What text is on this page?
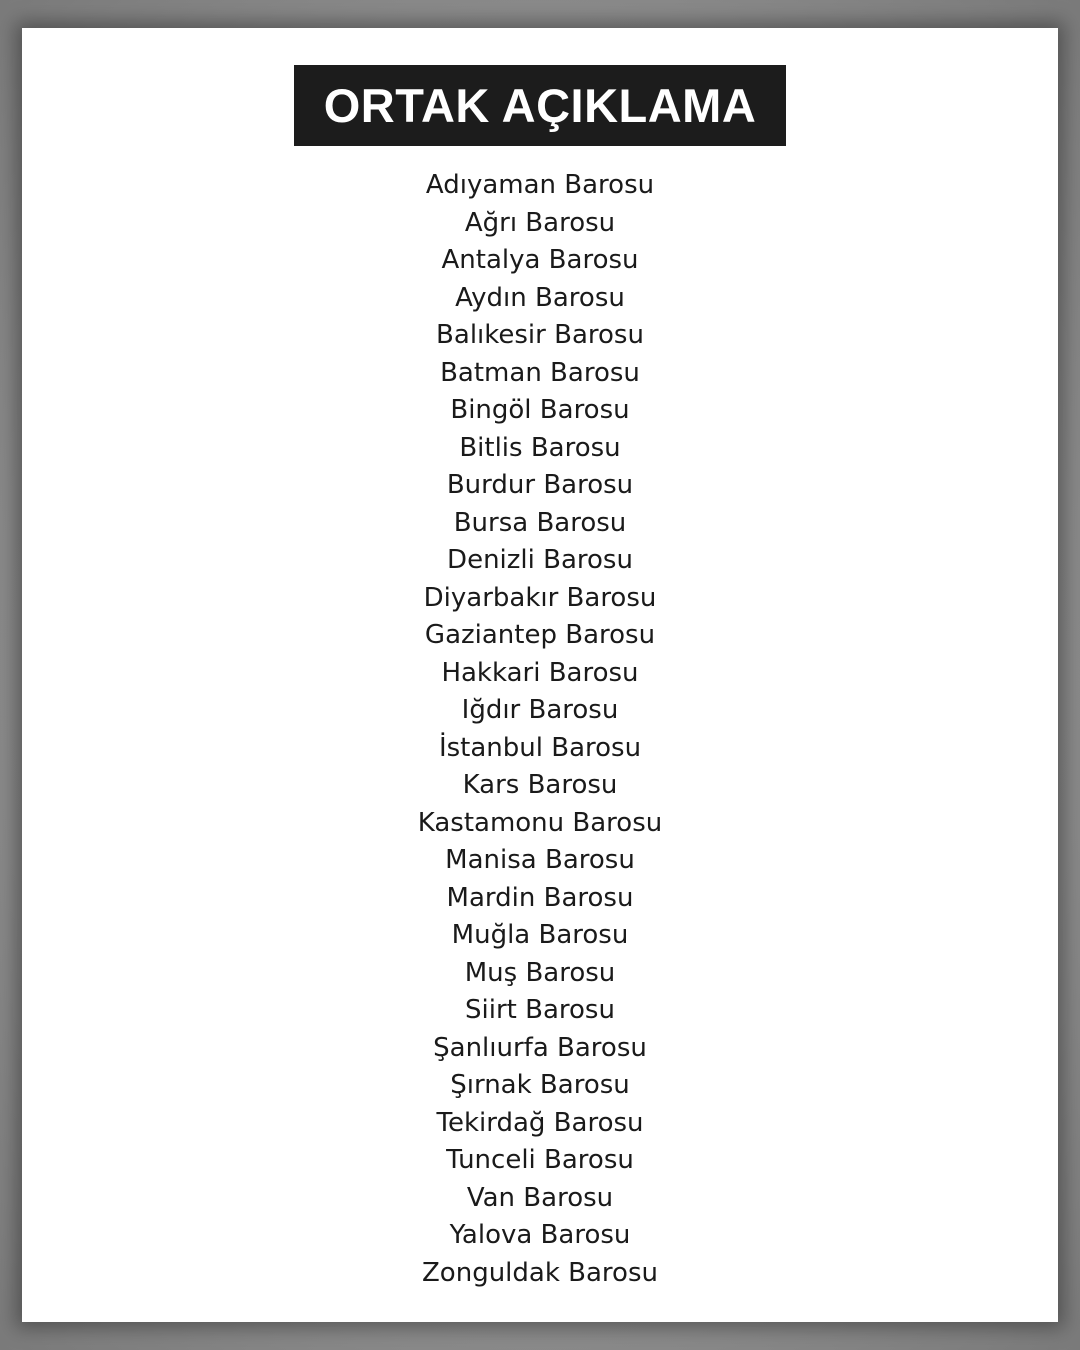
ORTAK AÇIKLAMA
Adıyaman Barosu
Ağrı Barosu
Antalya Barosu
Aydın Barosu
Balıkesir Barosu
Batman Barosu
Bingöl Barosu
Bitlis Barosu
Burdur Barosu
Bursa Barosu
Denizli Barosu
Diyarbakır Barosu
Gaziantep Barosu
Hakkari Barosu
Iğdır Barosu
İstanbul Barosu
Kars Barosu
Kastamonu Barosu
Manisa Barosu
Mardin Barosu
Muğla Barosu
Muş Barosu
Siirt Barosu
Şanlıurfa Barosu
Şırnak Barosu
Tekirdağ Barosu
Tunceli Barosu
Van Barosu
Yalova Barosu
Zonguldak Barosu
